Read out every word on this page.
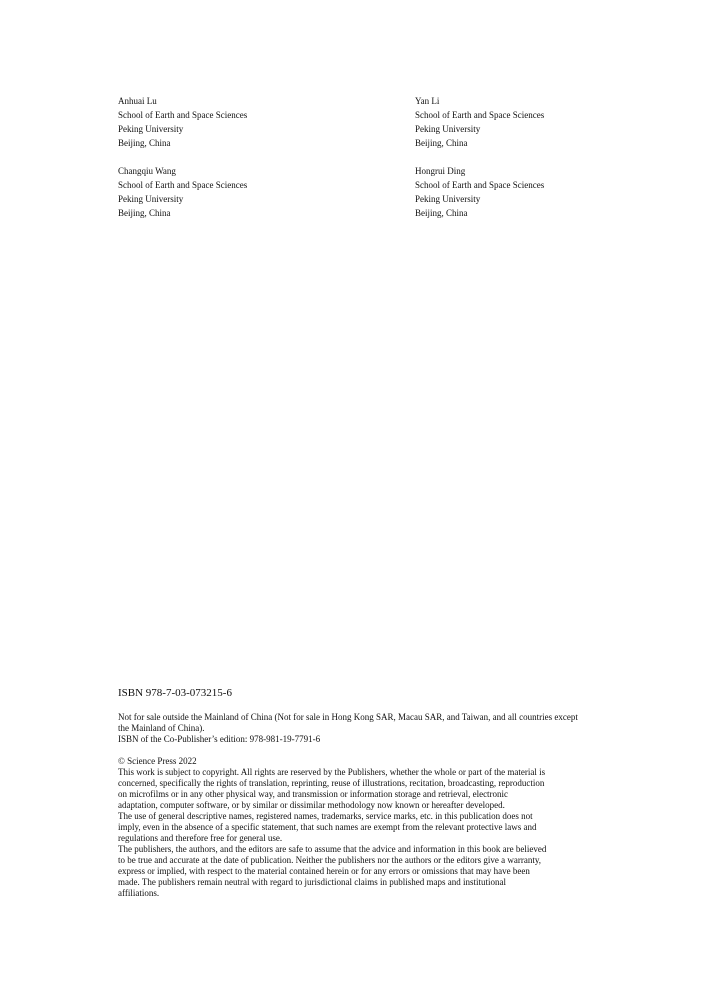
Anhuai Lu
School of Earth and Space Sciences
Peking University
Beijing, China
Yan Li
School of Earth and Space Sciences
Peking University
Beijing, China
Changqiu Wang
School of Earth and Space Sciences
Peking University
Beijing, China
Hongrui Ding
School of Earth and Space Sciences
Peking University
Beijing, China
ISBN 978-7-03-073215-6

Not for sale outside the Mainland of China (Not for sale in Hong Kong SAR, Macau SAR, and Taiwan, and all countries except

the Mainland of China).

ISBN of the Co-Publisher’s edition: 978-981-19-7791-6

© Science Press 2022

This work is subject to copyright. All rights are reserved by the Publishers, whether the whole or part of the material is

concerned, specifically the rights of translation, reprinting, reuse of illustrations, recitation, broadcasting, reproduction

on microfilms or in any other physical way, and transmission or information storage and retrieval, electronic

adaptation, computer software, or by similar or dissimilar methodology now known or hereafter developed.

The use of general descriptive names, registered names, trademarks, service marks, etc. in this publication does not

imply, even in the absence of a specific statement, that such names are exempt from the relevant protective laws and

regulations and therefore free for general use.

The publishers, the authors, and the editors are safe to assume that the advice and information in this book are believed

to be true and accurate at the date of publication. Neither the publishers nor the authors or the editors give a warranty,

express or implied, with respect to the material contained herein or for any errors or omissions that may have been

made. The publishers remain neutral with regard to jurisdictional claims in published maps and institutional

affiliations.
